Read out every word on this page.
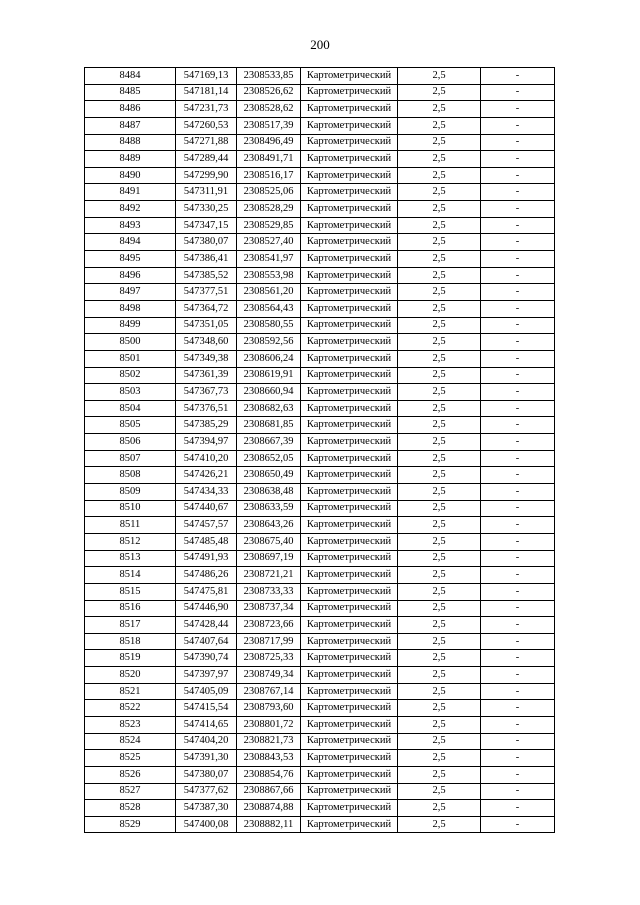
200
8484	547169,13	2308533,85	Картометрический	2,5	-
8485	547181,14	2308526,62	Картометрический	2,5	-
8486	547231,73	2308528,62	Картометрический	2,5	-
8487	547260,53	2308517,39	Картометрический	2,5	-
8488	547271,88	2308496,49	Картометрический	2,5	-
8489	547289,44	2308491,71	Картометрический	2,5	-
8490	547299,90	2308516,17	Картометрический	2,5	-
8491	547311,91	2308525,06	Картометрический	2,5	-
8492	547330,25	2308528,29	Картометрический	2,5	-
8493	547347,15	2308529,85	Картометрический	2,5	-
8494	547380,07	2308527,40	Картометрический	2,5	-
8495	547386,41	2308541,97	Картометрический	2,5	-
8496	547385,52	2308553,98	Картометрический	2,5	-
8497	547377,51	2308561,20	Картометрический	2,5	-
8498	547364,72	2308564,43	Картометрический	2,5	-
8499	547351,05	2308580,55	Картометрический	2,5	-
8500	547348,60	2308592,56	Картометрический	2,5	-
8501	547349,38	2308606,24	Картометрический	2,5	-
8502	547361,39	2308619,91	Картометрический	2,5	-
8503	547367,73	2308660,94	Картометрический	2,5	-
8504	547376,51	2308682,63	Картометрический	2,5	-
8505	547385,29	2308681,85	Картометрический	2,5	-
8506	547394,97	2308667,39	Картометрический	2,5	-
8507	547410,20	2308652,05	Картометрический	2,5	-
8508	547426,21	2308650,49	Картометрический	2,5	-
8509	547434,33	2308638,48	Картометрический	2,5	-
8510	547440,67	2308633,59	Картометрический	2,5	-
8511	547457,57	2308643,26	Картометрический	2,5	-
8512	547485,48	2308675,40	Картометрический	2,5	-
8513	547491,93	2308697,19	Картометрический	2,5	-
8514	547486,26	2308721,21	Картометрический	2,5	-
8515	547475,81	2308733,33	Картометрический	2,5	-
8516	547446,90	2308737,34	Картометрический	2,5	-
8517	547428,44	2308723,66	Картометрический	2,5	-
8518	547407,64	2308717,99	Картометрический	2,5	-
8519	547390,74	2308725,33	Картометрический	2,5	-
8520	547397,97	2308749,34	Картометрический	2,5	-
8521	547405,09	2308767,14	Картометрический	2,5	-
8522	547415,54	2308793,60	Картометрический	2,5	-
8523	547414,65	2308801,72	Картометрический	2,5	-
8524	547404,20	2308821,73	Картометрический	2,5	-
8525	547391,30	2308843,53	Картометрический	2,5	-
8526	547380,07	2308854,76	Картометрический	2,5	-
8527	547377,62	2308867,66	Картометрический	2,5	-
8528	547387,30	2308874,88	Картометрический	2,5	-
8529	547400,08	2308882,11	Картометрический	2,5	-
